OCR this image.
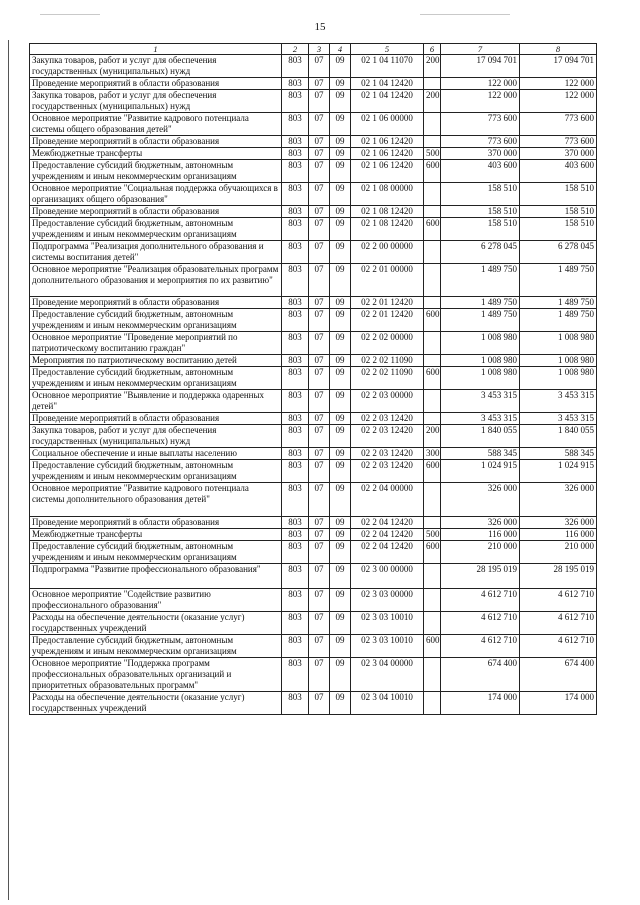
15
1	2	3	4	5	6	7	8
Закупка товаров, работ и услуг для обеспечения государственных (муниципальных) нужд	803	07	09	02 1 04 11070	200	17 094 701	17 094 701
Проведение мероприятий в области образования	803	07	09	02 1 04 12420		122 000	122 000
Закупка товаров, работ и услуг для обеспечения государственных (муниципальных) нужд	803	07	09	02 1 04 12420	200	122 000	122 000
Основное мероприятие "Развитие кадрового потенциала системы общего образования детей"	803	07	09	02 1 06 00000		773 600	773 600
Проведение мероприятий в области образования	803	07	09	02 1 06 12420		773 600	773 600
Межбюджетные трансферты	803	07	09	02 1 06 12420	500	370 000	370 000
Предоставление субсидий бюджетным, автономным учреждениям и иным некоммерческим организациям	803	07	09	02 1 06 12420	600	403 600	403 600
Основное мероприятие "Социальная поддержка обучающихся в организациях общего образования"	803	07	09	02 1 08 00000		158 510	158 510
Проведение мероприятий в области образования	803	07	09	02 1 08 12420		158 510	158 510
Предоставление субсидий бюджетным, автономным учреждениям и иным некоммерческим организациям	803	07	09	02 1 08 12420	600	158 510	158 510
Подпрограмма "Реализация дополнительного образования и системы воспитания детей"	803	07	09	02 2 00 00000		6 278 045	6 278 045
Основное мероприятие "Реализация образовательных программ дополнительного образования и мероприятия по их развитию"	803	07	09	02 2 01 00000		1 489 750	1 489 750
Проведение мероприятий в области образования	803	07	09	02 2 01 12420		1 489 750	1 489 750
Предоставление субсидий бюджетным, автономным учреждениям и иным некоммерческим организациям	803	07	09	02 2 01 12420	600	1 489 750	1 489 750
Основное мероприятие "Проведение мероприятий по патриотическому воспитанию граждан"	803	07	09	02 2 02 00000		1 008 980	1 008 980
Мероприятия по патриотическому воспитанию детей	803	07	09	02 2 02 11090		1 008 980	1 008 980
Предоставление субсидий бюджетным, автономным учреждениям и иным некоммерческим организациям	803	07	09	02 2 02 11090	600	1 008 980	1 008 980
Основное мероприятие "Выявление и поддержка одаренных детей"	803	07	09	02 2 03 00000		3 453 315	3 453 315
Проведение мероприятий в области образования	803	07	09	02 2 03 12420		3 453 315	3 453 315
Закупка товаров, работ и услуг для обеспечения государственных (муниципальных) нужд	803	07	09	02 2 03 12420	200	1 840 055	1 840 055
Социальное обеспечение и иные выплаты населению	803	07	09	02 2 03 12420	300	588 345	588 345
Предоставление субсидий бюджетным, автономным учреждениям и иным некоммерческим организациям	803	07	09	02 2 03 12420	600	1 024 915	1 024 915
Основное мероприятие "Развитие кадрового потенциала системы дополнительного образования детей"	803	07	09	02 2 04 00000		326 000	326 000
Проведение мероприятий в области образования	803	07	09	02 2 04 12420		326 000	326 000
Межбюджетные трансферты	803	07	09	02 2 04 12420	500	116 000	116 000
Предоставление субсидий бюджетным, автономным учреждениям и иным некоммерческим организациям	803	07	09	02 2 04 12420	600	210 000	210 000
Подпрограмма "Развитие профессионального образования"	803	07	09	02 3 00 00000		28 195 019	28 195 019
Основное мероприятие "Содействие развитию профессионального образования"	803	07	09	02 3 03 00000		4 612 710	4 612 710
Расходы на обеспечение деятельности (оказание услуг) государственных учреждений	803	07	09	02 3 03 10010		4 612 710	4 612 710
Предоставление субсидий бюджетным, автономным учреждениям и иным некоммерческим организациям	803	07	09	02 3 03 10010	600	4 612 710	4 612 710
Основное мероприятие "Поддержка программ профессиональных образовательных организаций и приоритетных образовательных программ"	803	07	09	02 3 04 00000		674 400	674 400
Расходы на обеспечение деятельности (оказание услуг) государственных учреждений	803	07	09	02 3 04 10010		174 000	174 000
